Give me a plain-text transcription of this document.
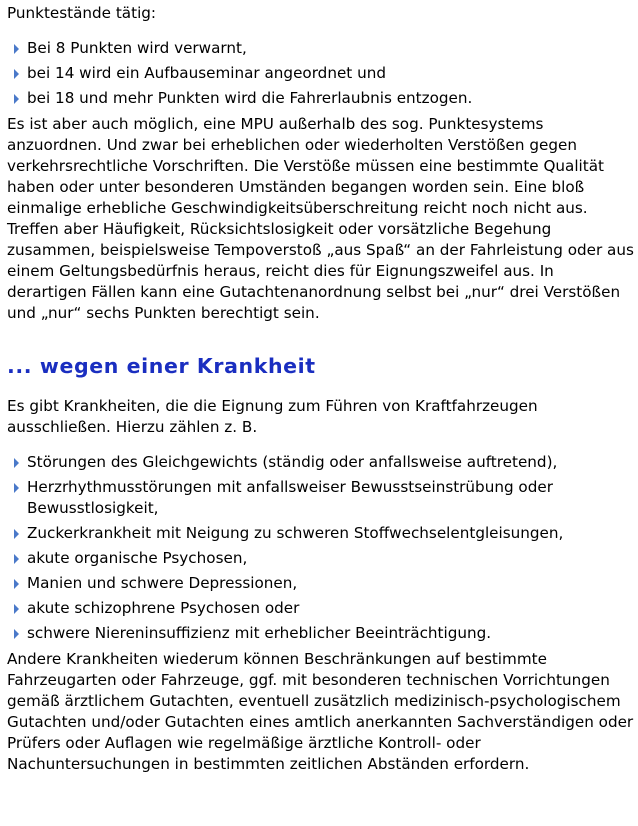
Punktestände tätig:

Bei 8 Punkten wird verwarnt,
bei 14 wird ein Aufbauseminar angeordnet und
bei 18 und mehr Punkten wird die Fahrerlaubnis entzogen.

Es ist aber auch möglich, eine MPU außerhalb des sog. Punktesystems anzuordnen. Und zwar bei erheblichen oder wiederholten Verstößen gegen verkehrsrechtliche Vorschriften. Die Verstöße müssen eine bestimmte Qualität haben oder unter besonderen Umständen begangen worden sein. Eine bloß einmalige erhebliche Geschwindigkeitsüberschreitung reicht noch nicht aus. Treffen aber Häufigkeit, Rücksichtslosigkeit oder vorsätzliche Begehung zusammen, beispielsweise Tempoverstoß „aus Spaß“ an der Fahrleistung oder aus einem Geltungsbedürfnis heraus, reicht dies für Eignungszweifel aus. In derartigen Fällen kann eine Gutachtenanordnung selbst bei „nur“ drei Verstößen und „nur“ sechs Punkten berechtigt sein.

... wegen einer Krankheit

Es gibt Krankheiten, die die Eignung zum Führen von Kraftfahrzeugen ausschließen. Hierzu zählen z. B.

Störungen des Gleichgewichts (ständig oder anfallsweise auftretend),
Herzrhythmusstörungen mit anfallsweiser Bewusstseinstrübung oder Bewusstlosigkeit,
Zuckerkrankheit mit Neigung zu schweren Stoffwechselentgleisungen,
akute organische Psychosen,
Manien und schwere Depressionen,
akute schizophrene Psychosen oder
schwere Niereninsuffizienz mit erheblicher Beeinträchtigung.

Andere Krankheiten wiederum können Beschränkungen auf bestimmte Fahrzeugarten oder Fahrzeuge, ggf. mit besonderen technischen Vorrichtungen gemäß ärztlichem Gutachten, eventuell zusätzlich medizinisch-psychologischem Gutachten und/oder Gutachten eines amtlich anerkannten Sachverständigen oder Prüfers oder Auflagen wie regelmäßige ärztliche Kontroll- oder Nachuntersuchungen in bestimmten zeitlichen Abständen erfordern.
